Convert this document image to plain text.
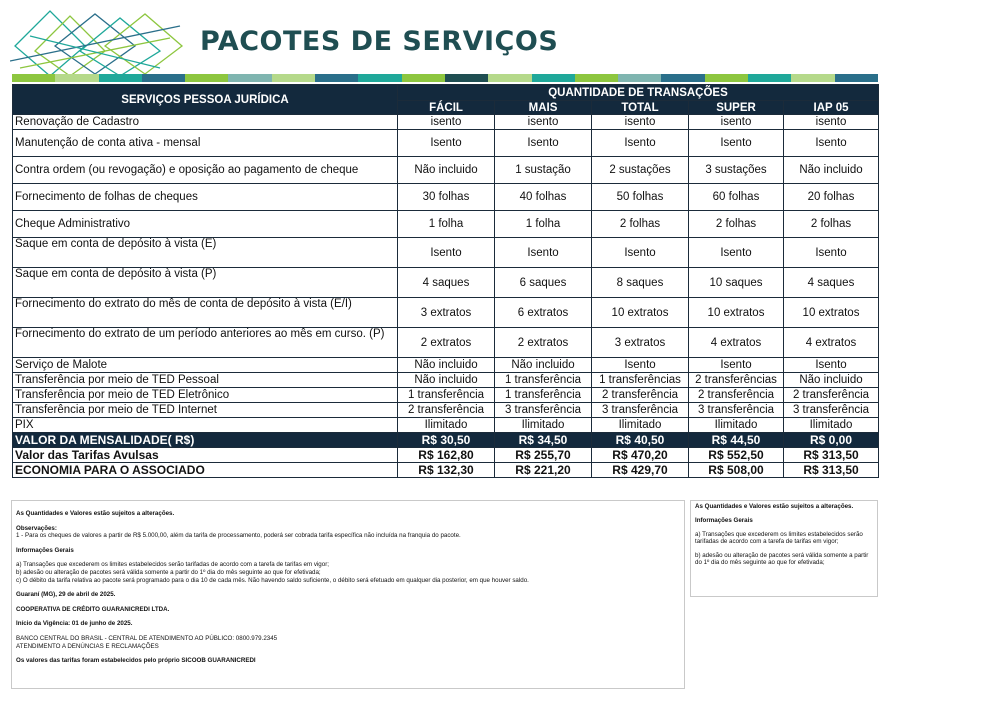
PACOTES DE SERVIÇOS
SERVIÇOS PESSOA JURÍDICA	QUANTIDADE DE TRANSAÇÕES				
	FÁCIL	MAIS	TOTAL	SUPER	IAP 05
Renovação de Cadastro	isento	isento	isento	isento	isento
Manutenção de conta ativa - mensal	Isento	Isento	Isento	Isento	Isento
Contra ordem (ou revogação) e oposição ao pagamento de cheque	Não incluido	1 sustação	2 sustações	3 sustações	Não incluido
Fornecimento de folhas de cheques	30 folhas	40 folhas	50 folhas	60 folhas	20 folhas
Cheque Administrativo	1 folha	1 folha	2 folhas	2 folhas	2 folhas
Saque em conta de depósito à vista (E)	Isento	Isento	Isento	Isento	Isento
Saque em conta de depósito à vista (P)	4 saques	6 saques	8 saques	10 saques	4 saques
Fornecimento do extrato do mês de conta de depósito à vista (E/I)	3 extratos	6 extratos	10 extratos	10 extratos	10 extratos
Fornecimento do extrato de um período anteriores ao mês em curso. (P)	2 extratos	2 extratos	3 extratos	4 extratos	4 extratos
Serviço de Malote	Não incluido	Não incluido	Isento	Isento	Isento
Transferência por meio de TED Pessoal	Não incluido	1 transferência	1 transferências	2 transferências	Não incluido
Transferência por meio de TED Eletrônico	1 transferência	1 transferência	2 transferência	2 transferência	2 transferência
Transferência por meio de TED Internet	2 transferência	3 transferência	3 transferência	3 transferência	3 transferência
PIX	Ilimitado	Ilimitado	Ilimitado	Ilimitado	Ilimitado
VALOR DA MENSALIDADE( R$)	R$ 30,50	R$ 34,50	R$ 40,50	R$ 44,50	R$ 0,00
Valor das Tarifas Avulsas	R$ 162,80	R$ 255,70	R$ 470,20	R$ 552,50	R$ 313,50
ECONOMIA PARA O ASSOCIADO	R$ 132,30	R$ 221,20	R$ 429,70	R$ 508,00	R$ 313,50

As Quantidades e Valores estão sujeitos a alterações.

Observações:

1 - Para os cheques de valores a partir de R$ 5.000,00, além da tarifa de processamento, poderá ser cobrada tarifa específica não incluída na franquia do pacote.

Informações Gerais

a) Transações que excederem os limites estabelecidos serão tarifadas de acordo com a tarefa de tarifas em vigor;

b) adesão ou alteração de pacotes será válida somente a partir do 1º dia do mês seguinte ao que for efetivada;

c) O débito da tarifa relativa ao pacote será programado para o dia 10 de cada mês. Não havendo saldo suficiente, o débito será efetuado em qualquer dia posterior, em que houver saldo.

Guaraní (MG), 29 de abril de 2025.

COOPERATIVA DE CRÉDITO GUARANICREDI LTDA.

Início da Vigência: 01 de junho de 2025.

BANCO CENTRAL DO BRASIL - CENTRAL DE ATENDIMENTO AO PÚBLICO: 0800.979.2345

ATENDIMENTO A DENÚNCIAS E RECLAMAÇÕES

Os valores das tarifas foram estabelecidos pelo próprio SICOOB GUARANICREDI

As Quantidades e Valores estão sujeitos a alterações.

Informações Gerais

a) Transações que excederem os limites estabelecidos serão tarifadas de acordo com a tarefa de tarifas em vigor;

b) adesão ou alteração de pacotes será válida somente a partir do 1º dia do mês seguinte ao que for efetivada;
